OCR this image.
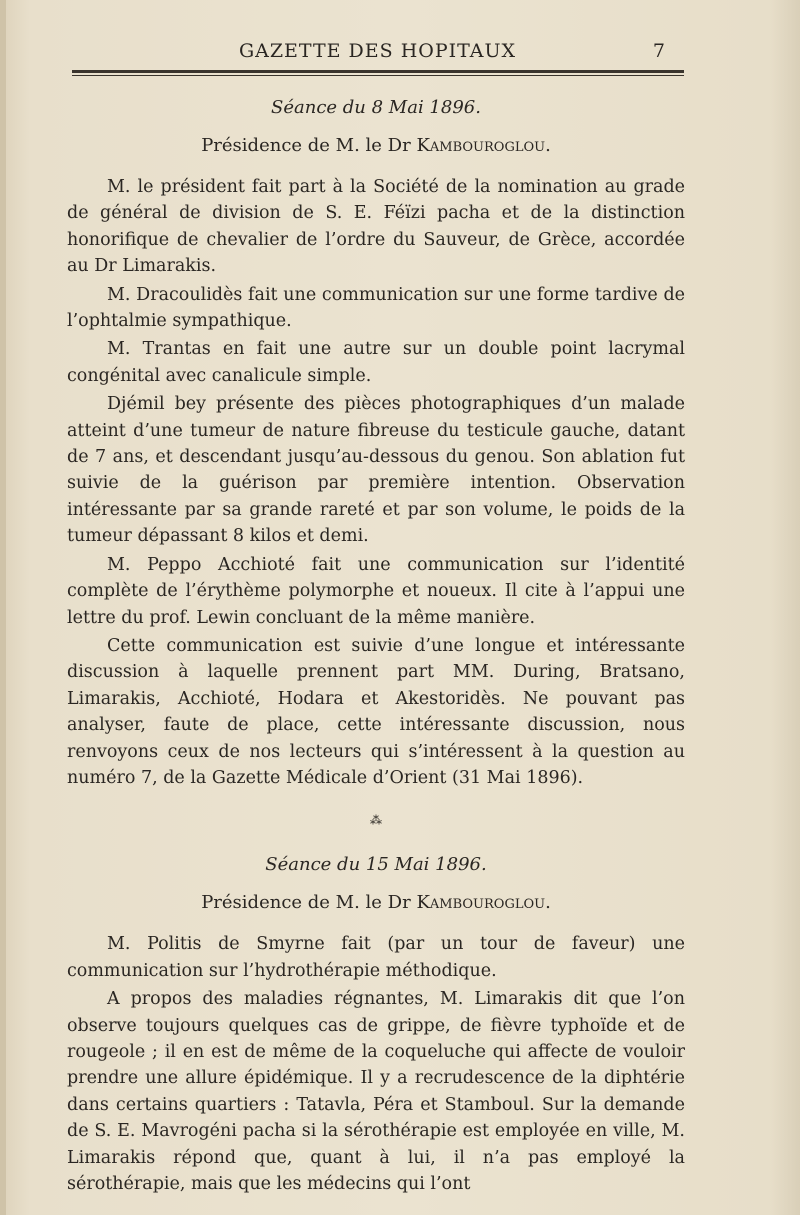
GAZETTE DES HOPITAUX	7
Séance du 8 Mai 1896.
Présidence de M. le Dr Kambouroglou.

M. le président fait part à la Société de la nomination au grade de général de division de S. E. Féïzi pacha et de la distinction honorifique de chevalier de l’ordre du Sauveur, de Grèce, accordée au Dr Limarakis.

M. Dracoulidès fait une communication sur une forme tardive de l’ophtalmie sympathique.

M. Trantas en fait une autre sur un double point lacrymal congénital avec canalicule simple.

Djémil bey présente des pièces photographiques d’un malade atteint d’une tumeur de nature fibreuse du testicule gauche, datant de 7 ans, et descendant jusqu’au-dessous du genou. Son ablation fut suivie de la guérison par première intention. Observation intéressante par sa grande rareté et par son volume, le poids de la tumeur dépassant 8 kilos et demi.

M. Peppo Acchioté fait une communication sur l’identité complète de l’érythème polymorphe et noueux. Il cite à l’appui une lettre du prof. Lewin concluant de la même manière.

Cette communication est suivie d’une longue et intéressante discussion à laquelle prennent part MM. During, Bratsano, Limarakis, Acchioté, Hodara et Akestoridès. Ne pouvant pas analyser, faute de place, cette intéressante discussion, nous renvoyons ceux de nos lecteurs qui s’intéressent à la question au numéro 7, de la Gazette Médicale d’Orient (31 Mai 1896).

⁂
Séance du 15 Mai 1896.
Présidence de M. le Dr Kambouroglou.

M. Politis de Smyrne fait (par un tour de faveur) une communication sur l’hydrothérapie méthodique.

A propos des maladies régnantes, M. Limarakis dit que l’on observe toujours quelques cas de grippe, de fièvre typhoïde et de rougeole ; il en est de même de la coqueluche qui affecte de vouloir prendre une allure épidémique. Il y a recrudescence de la diphtérie dans certains quartiers : Tatavla, Péra et Stamboul. Sur la demande de S. E. Mavrogéni pacha si la sérothérapie est employée en ville, M. Limarakis répond que, quant à lui, il n’a pas employé la sérothérapie, mais que les médecins qui l’ont
